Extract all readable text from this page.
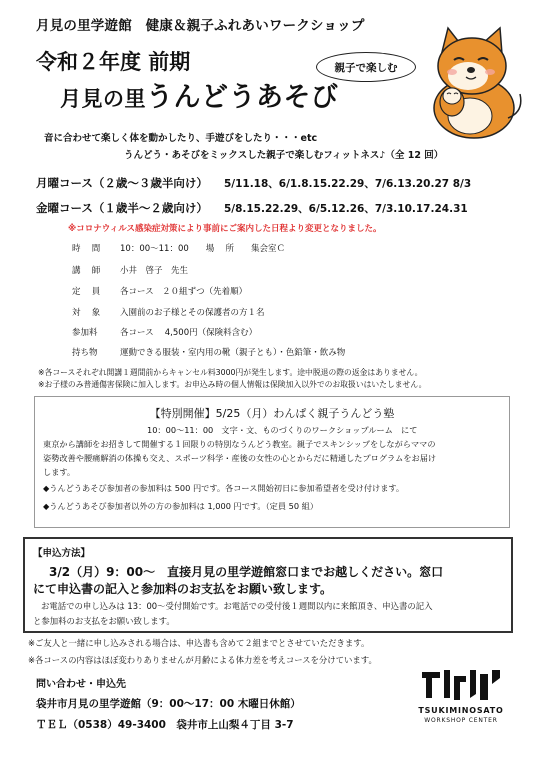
月見の里学遊館　健康＆親子ふれあいワークショップ
令和２年度 前期
月見の里うんどうあそび
親子で楽しむ
音に合わせて楽しく体を動かしたり、手遊びをしたり・・・etc
うんどう・あそびをミックスした親子で楽しむフィットネス♪（全 12 回）
月曜コース（２歳～３歳半向け） 5/11.18、6/1.8.15.22.29、7/6.13.20.27 8/3
金曜コース（１歳半～２歳向け） 5/8.15.22.29、6/5.12.26、7/3.10.17.24.31
※コロナウィルス感染症対策により事前にご案内した日程より変更となりました。
時　 間 10：00～11：00　　場　 所　　集会室Ｃ
講　 師 小井　啓子　先生
定　 員 各コース　２０組ずつ（先着順）
対　 象 入園前のお子様とその保護者の方１名
参加料	各コース　 4,500円（保険料含む）
持ち物	運動できる服装・室内用の靴（親子とも）・色鉛筆・飲み物
※各コースそれぞれ開講１週間前からキャンセル料3000円が発生します。途中脱退の際の返金はありません。
※お子様のみ普通傷害保険に加入します。お申込み時の個人情報は保険加入以外でのお取扱いはいたしません。
【特別開催】5/25（月）わんぱく親子うんどう塾
10：00～11：00　文字・文、ものづくりのワークショップルーム　にて
東京から講師をお招きして開催する１回限りの特別なうんどう教室。親子でスキンシップをしながらママの
姿勢改善や腰痛解消の体操も交え、スポーツ科学・産後の女性の心とからだに精通したプログラムをお届け
します。
◆うんどうあそび参加者の参加料は 500 円です。各コース開始初日に参加希望者を受け付けます。
◆うんどうあそび参加者以外の方の参加料は 1,000 円です。（定員 50 組）
【申込方法】
3/2（月）9：00～　直接月見の里学遊館窓口までお越しください。窓口
にて申込書の記入と参加料のお支払をお願い致します。
お電話での申し込みは 13：00～受付開始です。お電話での受付後１週間以内に来館頂き、申込書の記入
と参加料のお支払をお願い致します。
※ご友人と一緒に申し込みされる場合は、申込書も含めて２組までとさせていただきます。
※各コースの内容はほぼ変わりありませんが月齢による体力差を考えコースを分けています。
問い合わせ・申込先
袋井市月見の里学遊館（9：00～17：00 木曜日休館）
ＴＥＬ（0538）49-3400　袋井市上山梨４丁目 3-7
TSUKIMINOSATO
WORKSHOP CENTER
